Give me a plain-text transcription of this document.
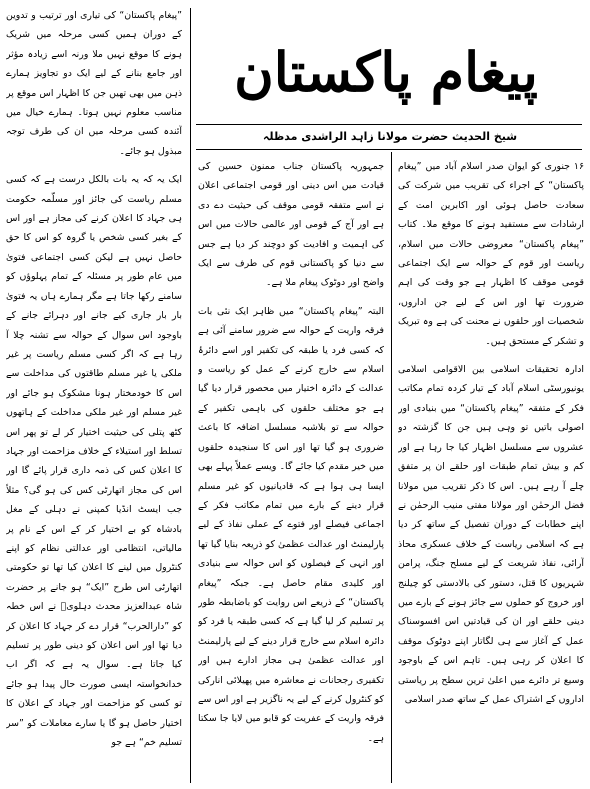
پیغام پاکستان
شیخ الحدیث حضرت مولانا زاہد الراشدی مدظلہ

”پیغام پاکستان“ کی تیاری اور ترتیب و تدوین کے دوران ہمیں کسی مرحلہ میں شریک ہونے کا موقع نہیں ملا ورنہ اسے زیادہ مؤثر اور جامع بنانے کے لیے ایک دو تجاویز ہمارے ذہن میں بھی تھیں جن کا اظہار اس موقع پر مناسب معلوم نہیں ہوتا۔ ہمارے خیال میں آئندہ کسی مرحلہ میں ان کی طرف توجہ مبذول ہو جائے۔

ایک یہ کہ یہ بات بالکل درست ہے کہ کسی مسلم ریاست کی جائز اور مسلّمہ حکومت ہی جہاد کا اعلان کرنے کی مجاز ہے اور اس کے بغیر کسی شخص یا گروہ کو اس کا حق حاصل نہیں ہے لیکن کسی اجتماعی فتویٰ میں عام طور پر مسئلہ کے تمام پہلوؤں کو سامنے رکھا جاتا ہے مگر ہمارے ہاں یہ فتویٰ بار بار جاری کیے جانے اور دہرائے جانے کے باوجود اس سوال کے حوالہ سے تشنہ چلا آ رہا ہے کہ اگر کسی مسلم ریاست پر غیر ملکی یا غیر مسلم طاقتوں کی مداخلت سے اس کا خودمختار ہونا مشکوک ہو جائے اور غیر مسلم اور غیر ملکی مداخلت کے ہاتھوں کٹھ پتلی کی حیثیت اختیار کر لے تو پھر اس تسلط اور استیلاء کے خلاف مزاحمت اور جہاد کا اعلان کس کی ذمہ داری قرار پائے گا اور اس کی مجاز اتھارٹی کس کی ہو گی؟ مثلاً جب ایسٹ انڈیا کمپنی نے دہلی کے مغل بادشاہ کو بے اختیار کر کے اس کے نام پر مالیاتی، انتظامی اور عدالتی نظام کو اپنے کنٹرول میں لینے کا اعلان کیا تھا تو حکومتی اتھارٹی اس طرح ”ایک“ ہو جانے پر حضرت شاہ عبدالعزیز محدث دہلویؒ نے اس خطہ کو ”دارالحرب“ قرار دے کر جہاد کا اعلان کر دیا تھا اور اس اعلان کو دینی طور پر تسلیم کیا جاتا ہے۔ سوال یہ ہے کہ اگر اب خدانخواستہ ایسی صورت حال پیدا ہو جائے تو کسی کو مزاحمت اور جہاد کے اعلان کا اختیار حاصل ہو گا یا سارے معاملات کو ”سر تسلیم خم“ ہے جو

جمہوریہ پاکستان جناب ممنون حسین کی قیادت میں اس دینی اور قومی اجتماعی اعلان نے اسے متفقہ قومی موقف کی حیثیت دے دی ہے اور آج کے قومی اور عالمی حالات میں اس کی اہمیت و افادیت کو دوچند کر دیا ہے جس سے دنیا کو پاکستانی قوم کی طرف سے ایک واضح اور دوٹوک پیغام ملا ہے۔

البتہ ”پیغام پاکستان“ میں ظاہر ایک نئی بات فرقہ واریت کے حوالہ سے ضرور سامنے آئی ہے کہ کسی فرد یا طبقہ کی تکفیر اور اسے دائرۂ اسلام سے خارج کرنے کے عمل کو ریاست و عدالت کے دائرہ اختیار میں محصور قرار دیا گیا ہے جو مختلف حلقوں کی باہمی تکفیر کے حوالہ سے تو بلاشبہ مسلسل اضافہ کا باعث ضروری ہو گیا تھا اور اس کا سنجیدہ حلقوں میں خیر مقدم کیا جائے گا۔ ویسے عملاً پہلے بھی ایسا ہی ہوا ہے کہ قادیانیوں کو غیر مسلم قرار دینے کے بارے میں تمام مکاتب فکر کے اجماعی فیصلے اور فتوے کے عملی نفاذ کے لیے پارلیمنٹ اور عدالت عظمیٰ کو ذریعہ بنایا گیا تھا اور انہی کے فیصلوں کو اس حوالہ سے بنیادی اور کلیدی مقام حاصل ہے۔ جبکہ ”پیغام پاکستان“ کے ذریعے اس روایت کو باضابطہ طور پر تسلیم کر لیا گیا ہے کہ کسی طبقہ یا فرد کو دائرہ اسلام سے خارج قرار دینے کے لیے پارلیمنٹ اور عدالت عظمیٰ ہی مجاز ادارے ہیں اور تکفیری رجحانات نے معاشرہ میں پھیلائی انارکی کو کنٹرول کرنے کے لیے یہ ناگزیر ہے اور اس سے فرقہ واریت کے عفریت کو قابو میں لایا جا سکتا ہے۔

۱۶ جنوری کو ایوان صدر اسلام آباد میں ”پیغام پاکستان“ کے اجراء کی تقریب میں شرکت کی سعادت حاصل ہوئی اور اکابرین امت کے ارشادات سے مستفید ہونے کا موقع ملا۔ کتاب ”پیغام پاکستان“ معروضی حالات میں اسلام، ریاست اور قوم کے حوالہ سے ایک اجتماعی قومی موقف کا اظہار ہے جو وقت کی اہم ضرورت تھا اور اس کے لیے جن اداروں، شخصیات اور حلقوں نے محنت کی ہے وہ تبریک و تشکر کے مستحق ہیں۔

ادارہ تحقیقات اسلامی بین الاقوامی اسلامی یونیورسٹی اسلام آباد کے تیار کردہ تمام مکاتب فکر کے متفقہ ”پیغام پاکستان“ میں بنیادی اور اصولی باتیں تو وہی ہیں جن کا گزشتہ دو عشروں سے مسلسل اظہار کیا جا رہا ہے اور کم و بیش تمام طبقات اور حلقے ان پر متفق چلے آ رہے ہیں۔ اس کا ذکر تقریب میں مولانا فضل الرحمٰن اور مولانا مفتی منیب الرحمٰن نے اپنے خطابات کے دوران تفصیل کے ساتھ کر دیا ہے کہ اسلامی ریاست کے خلاف عسکری محاذ آرائی، نفاذ شریعت کے لیے مسلح جنگ، پرامن شہریوں کا قتل، دستور کی بالادستی کو چیلنج اور خروج کو حملوں سے جائز ہونے کے بارے میں دینی حلقے اور ان کی قیادتیں اس افسوسناک عمل کے آغاز سے ہی لگاتار اپنے دوٹوک موقف کا اعلان کر رہی ہیں۔ تاہم اس کے باوجود وسیع تر دائرے میں اعلیٰ ترین سطح پر ریاستی اداروں کے اشتراک عمل کے ساتھ صدر اسلامی
